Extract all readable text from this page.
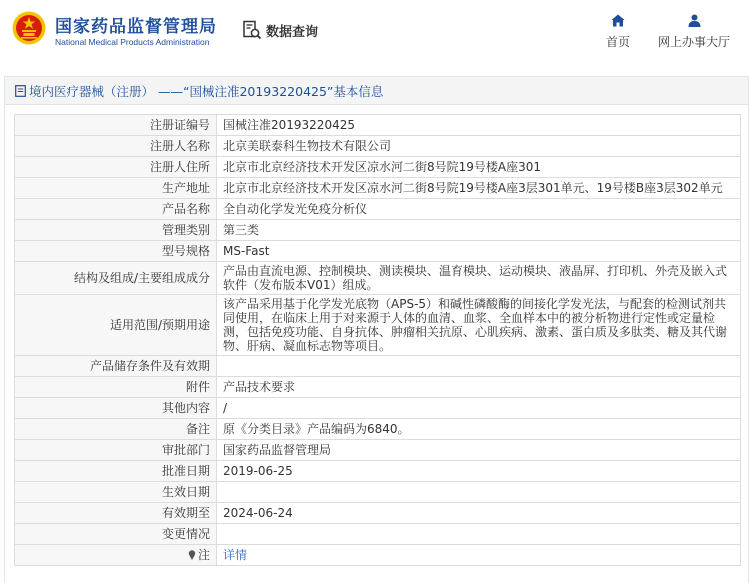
国家药品监督管理局
National Medical Products Administration
数据查询
首页 网上办事大厅
境内医疗器械（注册） ——“国械注准20193220425”基本信息
注册证编号	国械注准20193220425
注册人名称	北京美联泰科生物技术有限公司
注册人住所	北京市北京经济技术开发区凉水河二街8号院19号楼A座301
生产地址	北京市北京经济技术开发区凉水河二街8号院19号楼A座3层301单元、19号楼B座3层302单元
产品名称	全自动化学发光免疫分析仪
管理类别	第三类
型号规格	MS-Fast
结构及组成/主要组成成分	产品由直流电源、控制模块、测读模块、温育模块、运动模块、液晶屏、打印机、外壳及嵌入式软件（发布版本V01）组成。
适用范围/预期用途	该产品采用基于化学发光底物（APS-5）和碱性磷酸酶的间接化学发光法，与配套的检测试剂共同使用，在临床上用于对来源于人体的血清、血浆、全血样本中的被分析物进行定性或定量检测，包括免疫功能、自身抗体、肿瘤相关抗原、心肌疾病、激素、蛋白质及多肽类、糖及其代谢物、肝病、凝血标志物等项目。
产品储存条件及有效期	
附件	产品技术要求
其他内容	/
备注	原《分类目录》产品编码为6840。
审批部门	国家药品监督管理局
批准日期	2019-06-25
生效日期	
有效期至	2024-06-24
变更情况	
注	详情
